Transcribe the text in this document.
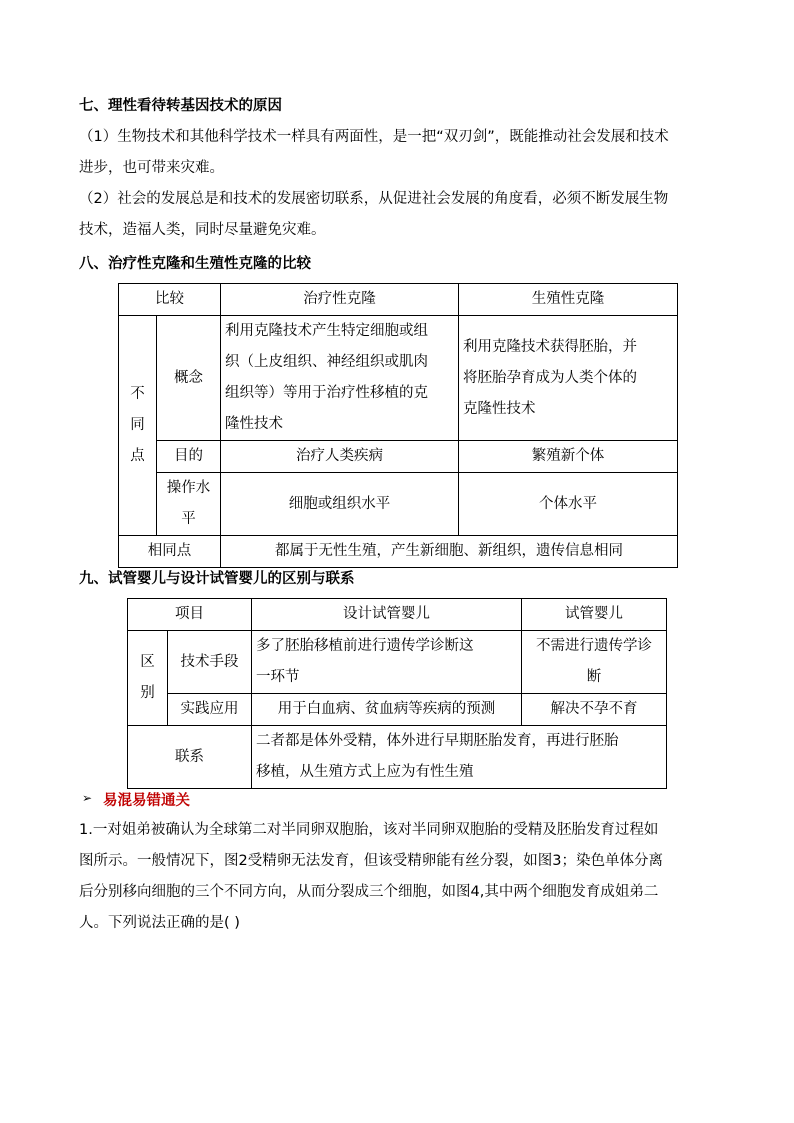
七、理性看待转基因技术的原因
（1）生物技术和其他科学技术一样具有两面性，是一把“双刃剑”，既能推动社会发展和技术
进步，也可带来灾难。
（2）社会的发展总是和技术的发展密切联系，从促进社会发展的角度看，必须不断发展生物
技术，造福人类，同时尽量避免灾难。
八、治疗性克隆和生殖性克隆的比较
比较		治疗性克隆	生殖性克隆

不
同
点	概念	利用克隆技术产生特定细胞或组
织（上皮组织、神经组织或肌肉
组织等）等用于治疗性移植的克
隆性技术	利用克隆技术获得胚胎，并
将胚胎孕育成为人类个体的
克隆性技术

	目的	治疗人类疾病	繁殖新个体

	操作水
平	细胞或组织水平	个体水平
相同点		都属于无性生殖，产生新细胞、新组织，遗传信息相同	
九、试管婴儿与设计试管婴儿的区别与联系
项目		设计试管婴儿	试管婴儿

区
别	技术手段	多了胚胎移植前进行遗传学诊断这
一环节	不需进行遗传学诊
断

	实践应用	用于白血病、贫血病等疾病的预测	解决不孕不育
联系		二者都是体外受精，体外进行早期胚胎发育，再进行胚胎
移植，从生殖方式上应为有性生殖	
➢ 易混易错通关
1.一对姐弟被确认为全球第二对半同卵双胞胎，该对半同卵双胞胎的受精及胚胎发育过程如
图所示。一般情况下，图2受精卵无法发育，但该受精卵能有丝分裂，如图3；染色单体分离
后分别移向细胞的三个不同方向，从而分裂成三个细胞，如图4,其中两个细胞发育成姐弟二
人。下列说法正确的是( )
